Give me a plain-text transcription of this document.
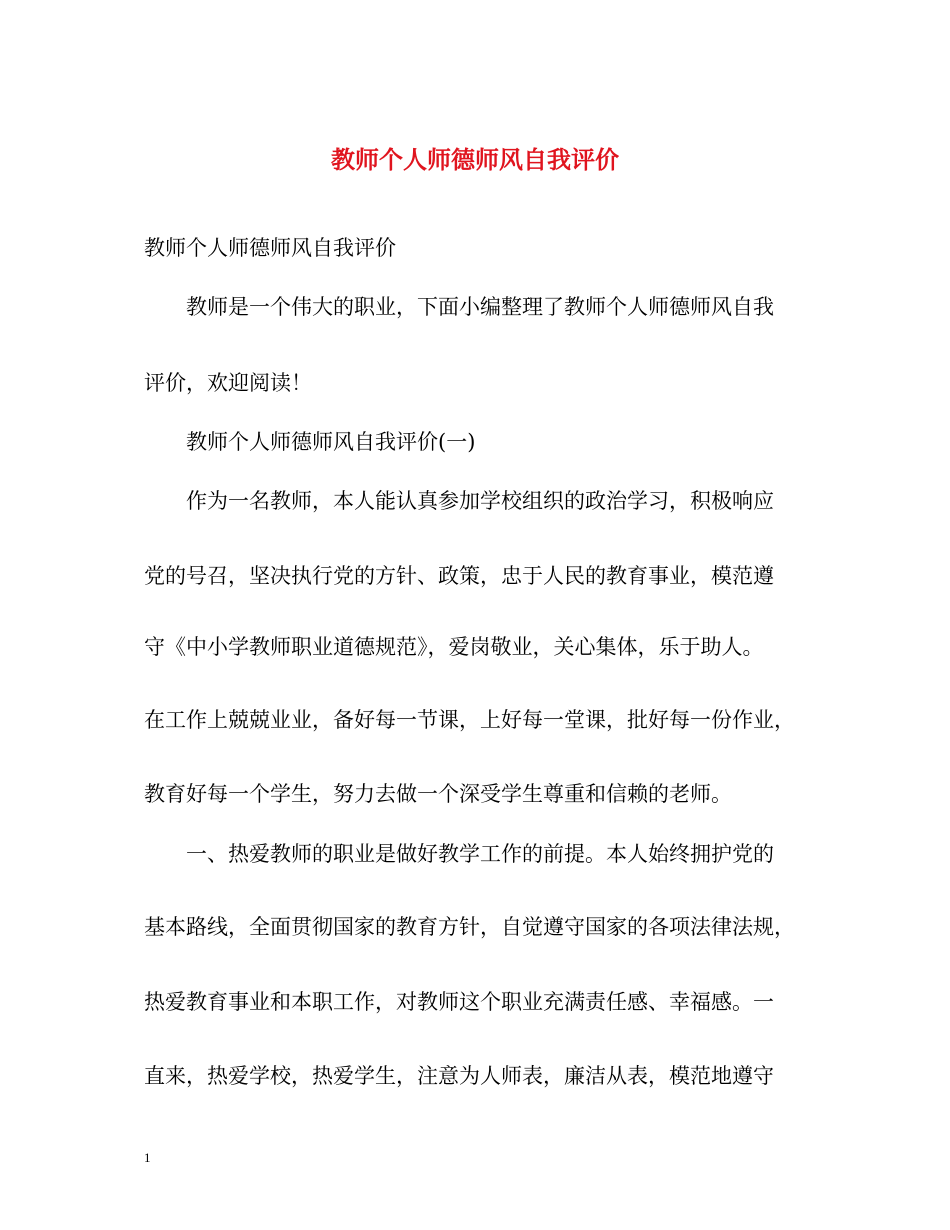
教师个人师德师风自我评价
教师个人师德师风自我评价
教师是一个伟大的职业，下面小编整理了教师个人师德师风自我
评价，欢迎阅读！
教师个人师德师风自我评价(一)
作为一名教师，本人能认真参加学校组织的政治学习，积极响应
党的号召，坚决执行党的方针、政策，忠于人民的教育事业，模范遵
守《中小学教师职业道德规范》，爱岗敬业，关心集体，乐于助人。
在工作上兢兢业业，备好每一节课，上好每一堂课，批好每一份作业，
教育好每一个学生，努力去做一个深受学生尊重和信赖的老师。
一、热爱教师的职业是做好教学工作的前提。本人始终拥护党的
基本路线，全面贯彻国家的教育方针，自觉遵守国家的各项法律法规，
热爱教育事业和本职工作，对教师这个职业充满责任感、幸福感。一
直来，热爱学校，热爱学生，注意为人师表，廉洁从表，模范地遵守
1
